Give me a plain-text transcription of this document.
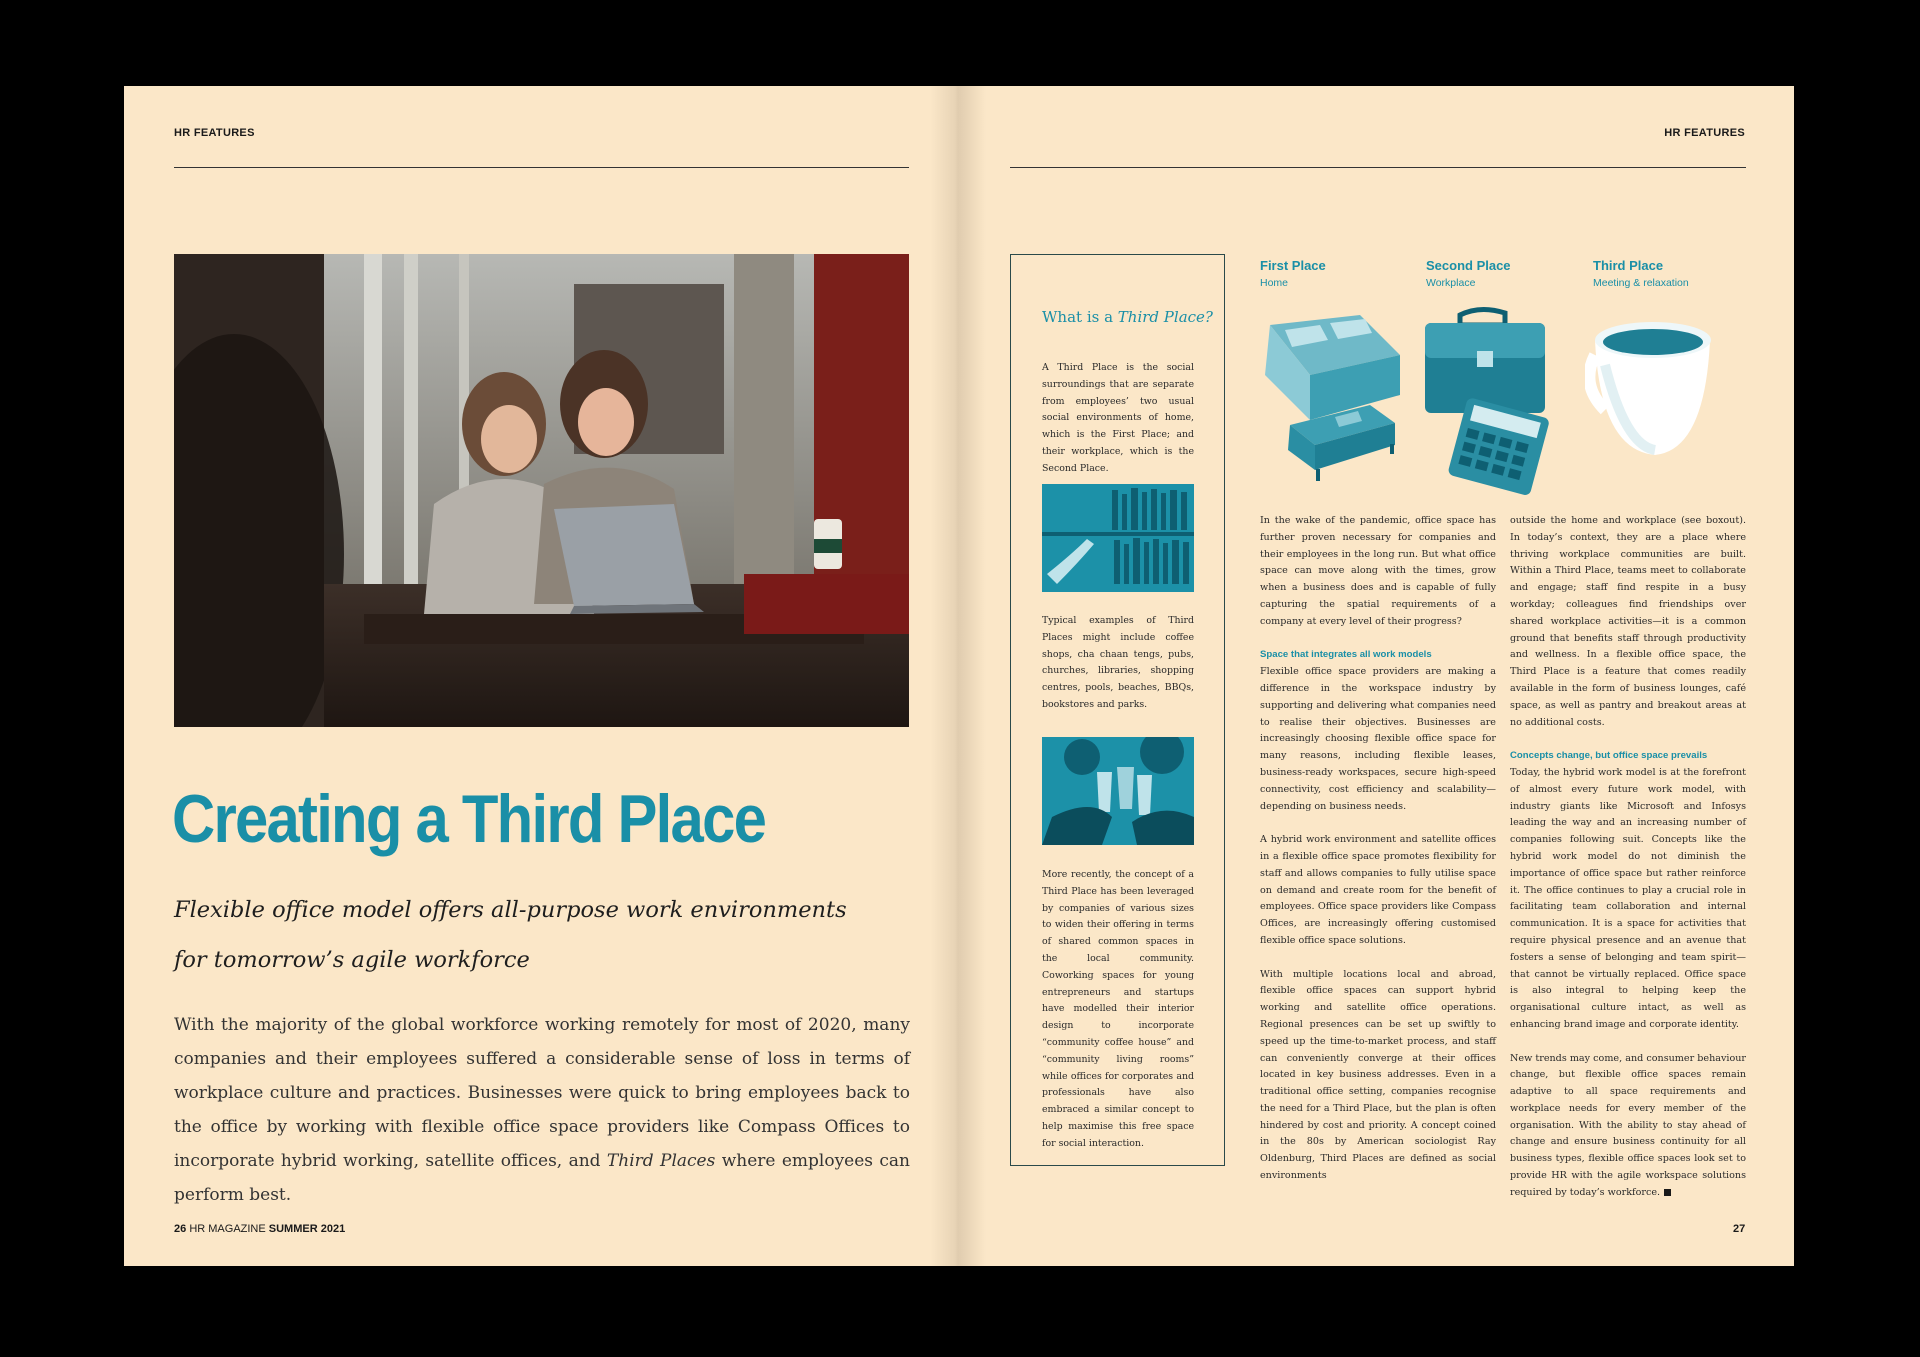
HR FEATURES	HR FEATURES
Creating a Third Place
Flexible office model offers all-purpose work environments for tomorrow’s agile workforce
With the majority of the global workforce working remotely for most of 2020, many companies and their employees suffered a considerable sense of loss in terms of workplace culture and practices. Businesses were quick to bring employees back to the office by working with flexible office space providers like Compass Offices to incorporate hybrid working, satellite offices, and Third Places where employees can perform best.
26 HR MAGAZINE SUMMER 2021	27
What is a Third Place?
A Third Place is the social surroundings that are separate from employees’ two usual social environments of home, which is the First Place; and their workplace, which is the Second Place.
Typical examples of Third Places might include coffee shops, cha chaan tengs, pubs, churches, libraries, shopping centres, pools, beaches, BBQs, bookstores and parks.
More recently, the concept of a Third Place has been leveraged by companies of various sizes to widen their offering in terms of shared common spaces in the local community. Coworking spaces for young entrepreneurs and startups have modelled their interior design to incorporate “community coffee house” and “community living rooms” while offices for corporates and professionals have also embraced a similar concept to help maximise this free space for social interaction.
First Place
Home
Second Place
Workplace
Third Place
Meeting & relaxation

In the wake of the pandemic, office space has further proven necessary for companies and their employees in the long run. But what office space can move along with the times, grow when a business does and is capable of fully capturing the spatial requirements of a company at every level of their progress?

Space that integrates all work models

Flexible office space providers are making a difference in the workspace industry by supporting and delivering what companies need to realise their objectives. Businesses are increasingly choosing flexible office space for many reasons, including flexible leases, business-ready workspaces, secure high-speed connectivity, cost efficiency and scalability—depending on business needs.

A hybrid work environment and satellite offices in a flexible office space promotes flexibility for staff and allows companies to fully utilise space on demand and create room for the benefit of employees. Office space providers like Compass Offices, are increasingly offering customised flexible office space solutions.

With multiple locations local and abroad, flexible office spaces can support hybrid working and satellite office operations. Regional presences can be set up swiftly to speed up the time-to-market process, and staff can conveniently converge at their offices located in key business addresses. Even in a traditional office setting, companies recognise the need for a Third Place, but the plan is often hindered by cost and priority. A concept coined in the 80s by American sociologist Ray Oldenburg, Third Places are defined as social environments

outside the home and workplace (see boxout). In today’s context, they are a place where thriving workplace communities are built. Within a Third Place, teams meet to collaborate and engage; staff find respite in a busy workday; colleagues find friendships over shared workplace activities—it is a common ground that benefits staff through productivity and wellness. In a flexible office space, the Third Place is a feature that comes readily available in the form of business lounges, café space, as well as pantry and breakout areas at no additional costs.

Concepts change, but office space prevails

Today, the hybrid work model is at the forefront of almost every future work model, with industry giants like Microsoft and Infosys leading the way and an increasing number of companies following suit. Concepts like the hybrid work model do not diminish the importance of office space but rather reinforce it. The office continues to play a crucial role in facilitating team collaboration and internal communication. It is a space for activities that require physical presence and an avenue that fosters a sense of belonging and team spirit—that cannot be virtually replaced. Office space is also integral to helping keep the organisational culture intact, as well as enhancing brand image and corporate identity.

New trends may come, and consumer behaviour change, but flexible office spaces remain adaptive to all space requirements and workplace needs for every member of the organisation. With the ability to stay ahead of change and ensure business continuity for all business types, flexible office spaces look set to provide HR with the agile workspace solutions required by today’s workforce.
